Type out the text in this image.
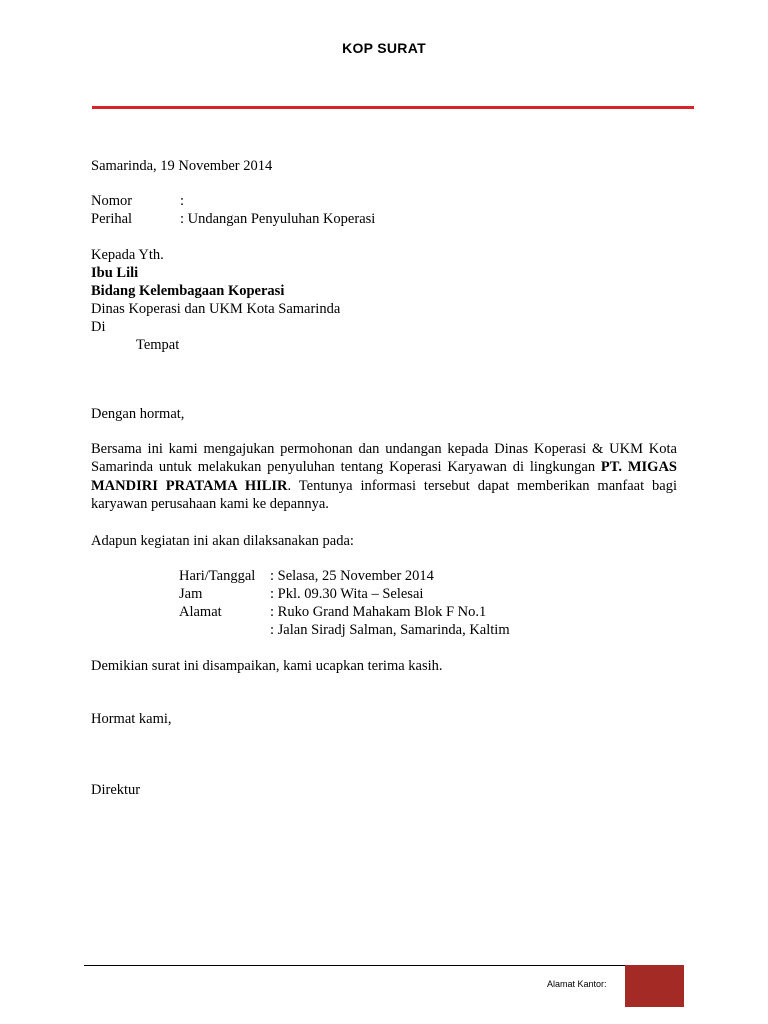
KOP SURAT
Samarinda, 19 November 2014
Nomor	:
Perihal	: Undangan Penyuluhan Koperasi
Kepada Yth.
Ibu Lili
Bidang Kelembagaan Koperasi
Dinas Koperasi dan UKM Kota Samarinda
Di
Tempat
Dengan hormat,
Bersama ini kami mengajukan permohonan dan undangan kepada Dinas Koperasi & UKM Kota Samarinda untuk melakukan penyuluhan tentang Koperasi Karyawan di lingkungan PT. MIGAS MANDIRI PRATAMA HILIR. Tentunya informasi tersebut dapat memberikan manfaat bagi karyawan perusahaan kami ke depannya.
Adapun kegiatan ini akan dilaksanakan pada:
Hari/Tanggal : Selasa, 25 November 2014
Jam	: Pkl. 09.30 Wita – Selesai
Alamat	: Ruko Grand Mahakam Blok F No.1
: Jalan Siradj Salman, Samarinda, Kaltim
Demikian surat ini disampaikan, kami ucapkan terima kasih.
Hormat kami,
Direktur
Alamat Kantor:
